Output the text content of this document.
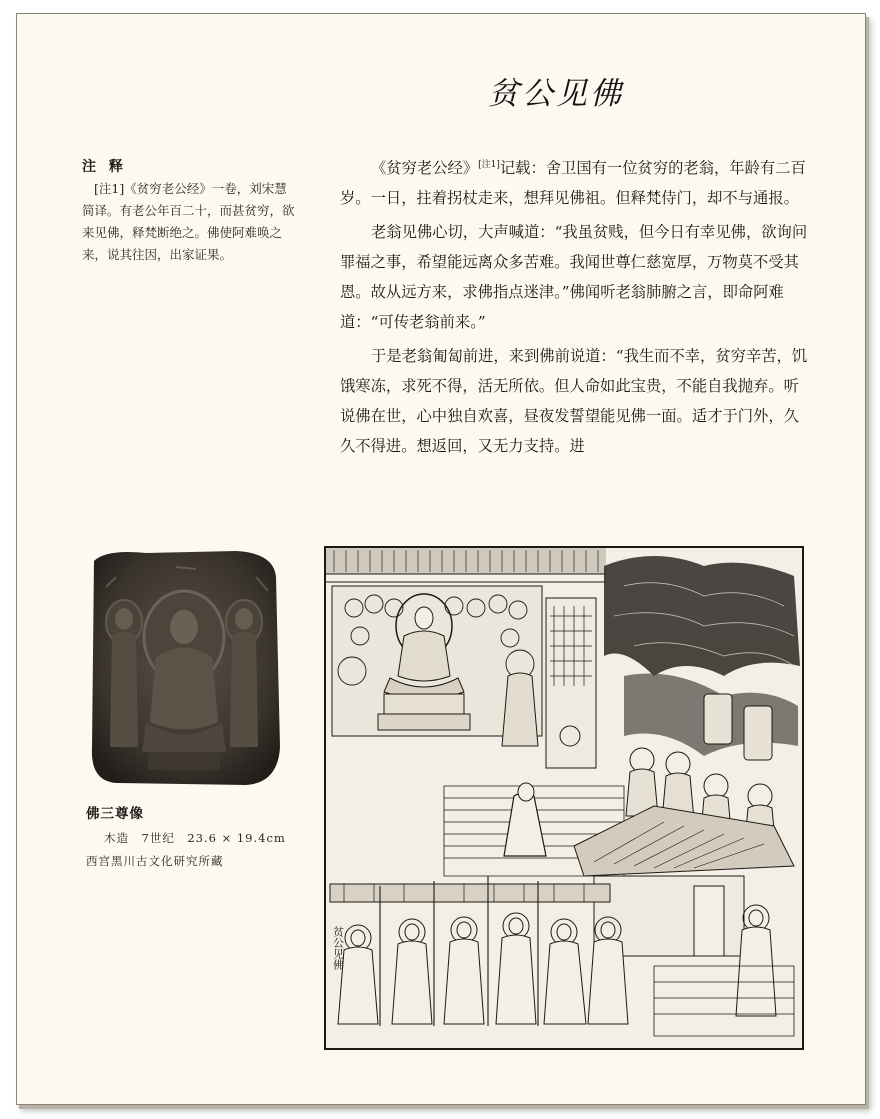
贫公见佛
注 释

[注1]《贫穷老公经》一卷，刘宋慧简译。有老公年百二十，而甚贫穷，欲来见佛，释梵断绝之。佛使阿难唤之来，说其往因，出家证果。

《贫穷老公经》[注1]记载：舍卫国有一位贫穷的老翁，年龄有二百岁。一日，拄着拐杖走来，想拜见佛祖。但释梵侍门，却不与通报。

老翁见佛心切，大声喊道：“我虽贫贱，但今日有幸见佛，欲询问罪福之事，希望能远离众多苦难。我闻世尊仁慈宽厚，万物莫不受其恩。故从远方来，求佛指点迷津。”佛闻听老翁肺腑之言，即命阿难道：“可传老翁前来。”

于是老翁匍匐前进，来到佛前说道：“我生而不幸，贫穷辛苦，饥饿寒冻，求死不得，活无所依。但人命如此宝贵，不能自我抛弃。听说佛在世，心中独自欢喜，昼夜发誓望能见佛一面。适才于门外，久久不得进。想返回，又无力支持。进

佛三尊像
木造　7世纪　23.6 × 19.4cm
西宫黑川古文化研究所藏
贫公见佛
